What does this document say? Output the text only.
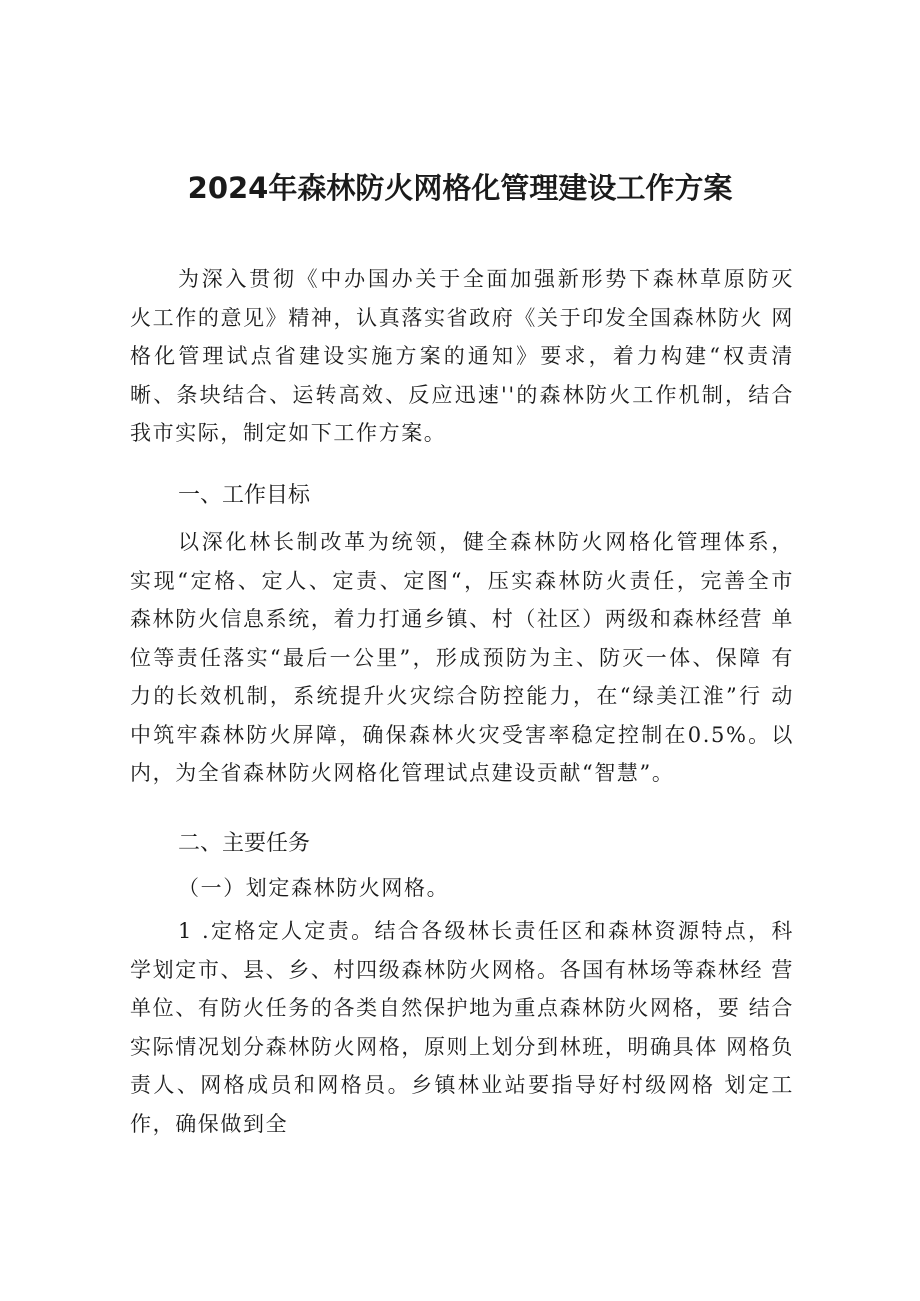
2024年森林防火网格化管理建设工作方案

为深入贯彻《中办国办关于全面加强新形势下森林草原防灭 火工作的意见》精神，认真落实省政府《关于印发全国森林防火 网格化管理试点省建设实施方案的通知》要求，着力构建“权责清 晰、条块结合、运转高效、反应迅速''的森林防火工作机制，结合 我市实际，制定如下工作方案。

一、工作目标

以深化林长制改革为统领，健全森林防火网格化管理体系， 实现“定格、定人、定责、定图“，压实森林防火责任，完善全市 森林防火信息系统，着力打通乡镇、村（社区）两级和森林经营 单位等责任落实“最后一公里”，形成预防为主、防灭一体、保障 有力的长效机制，系统提升火灾综合防控能力，在“绿美江淮”行 动中筑牢森林防火屏障，确保森林火灾受害率稳定控制在0.5%。以 内，为全省森林防火网格化管理试点建设贡献“智慧”。

二、主要任务
（一）划定森林防火网格。

1 .定格定人定责。结合各级林长责任区和森林资源特点，科 学划定市、县、乡、村四级森林防火网格。各国有林场等森林经 营单位、有防火任务的各类自然保护地为重点森林防火网格，要 结合实际情况划分森林防火网格，原则上划分到林班，明确具体 网格负责人、网格成员和网格员。乡镇林业站要指导好村级网格 划定工作，确保做到全
